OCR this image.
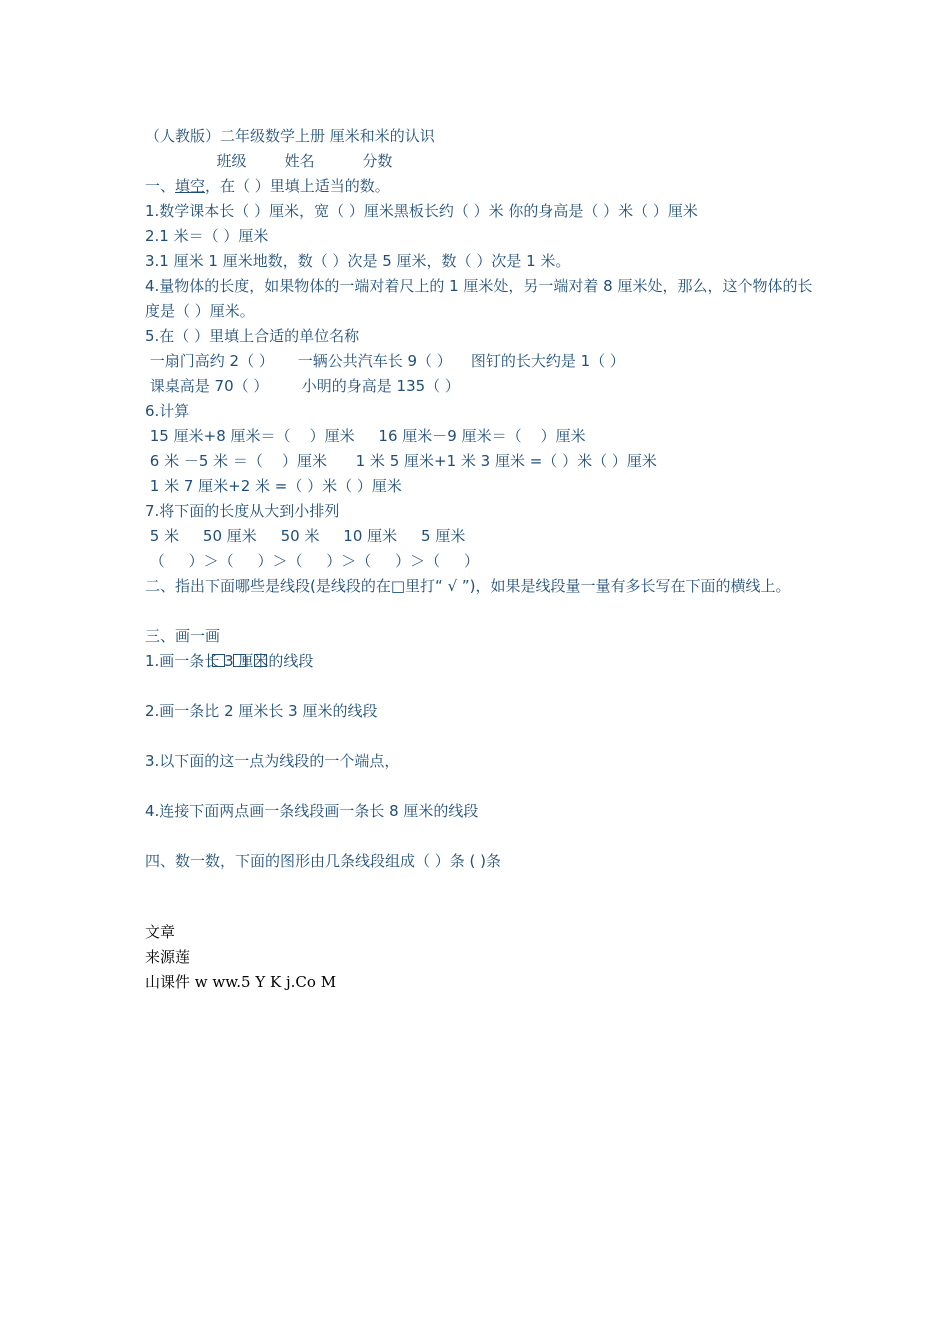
（人教版）二年级数学上册 厘米和米的认识
班级        姓名          分数
一、填空，在（ ）里填上适当的数。
1.数学课本长（ ）厘米，宽（ ）厘米黑板长约（ ）米 你的身高是（ ）米（ ）厘米
2.1 米＝（ ）厘米
3.1 厘米 1 厘米地数，数（ ）次是 5 厘米，数（ ）次是 1 米。
4.量物体的长度，如果物体的一端对着尺上的 1 厘米处，另一端对着 8 厘米处，那么，这个物体的长度是（ ）厘米。
5.在（ ）里填上合适的单位名称
一扇门高约 2（ ）     一辆公共汽车长 9（ ）    图钉的长大约是 1（ ）
课桌高是 70（ ）       小明的身高是 135（ ）
6.计算
15 厘米+8 厘米＝（    ）厘米     16 厘米－9 厘米＝（    ）厘米
6 米 －5 米 ＝（    ）厘米      1 米 5 厘米+1 米 3 厘米 =（ ）米（ ）厘米
1 米 7 厘米+2 米 =（ ）米（ ）厘米
7.将下面的长度从大到小排列
5 米     50 厘米     50 米     10 厘米     5 厘米
（     ）＞（     ）＞（     ）＞（     ）＞（     ）
二、指出下面哪些是线段(是线段的在□里打“ √ ”)，如果是线段量一量有多长写在下面的横线上。

三、画一画
1.画一条长 3 厘米的线段
2.画一条比 2 厘米长 3 厘米的线段
3.以下面的这一点为线段的一个端点，
4.连接下面两点画一条线段画一条长 8 厘米的线段
四、数一数，下面的图形由几条线段组成（ ）条 ( )条
文章
来源莲
山课件 w ww.5 Y K j.Co M
